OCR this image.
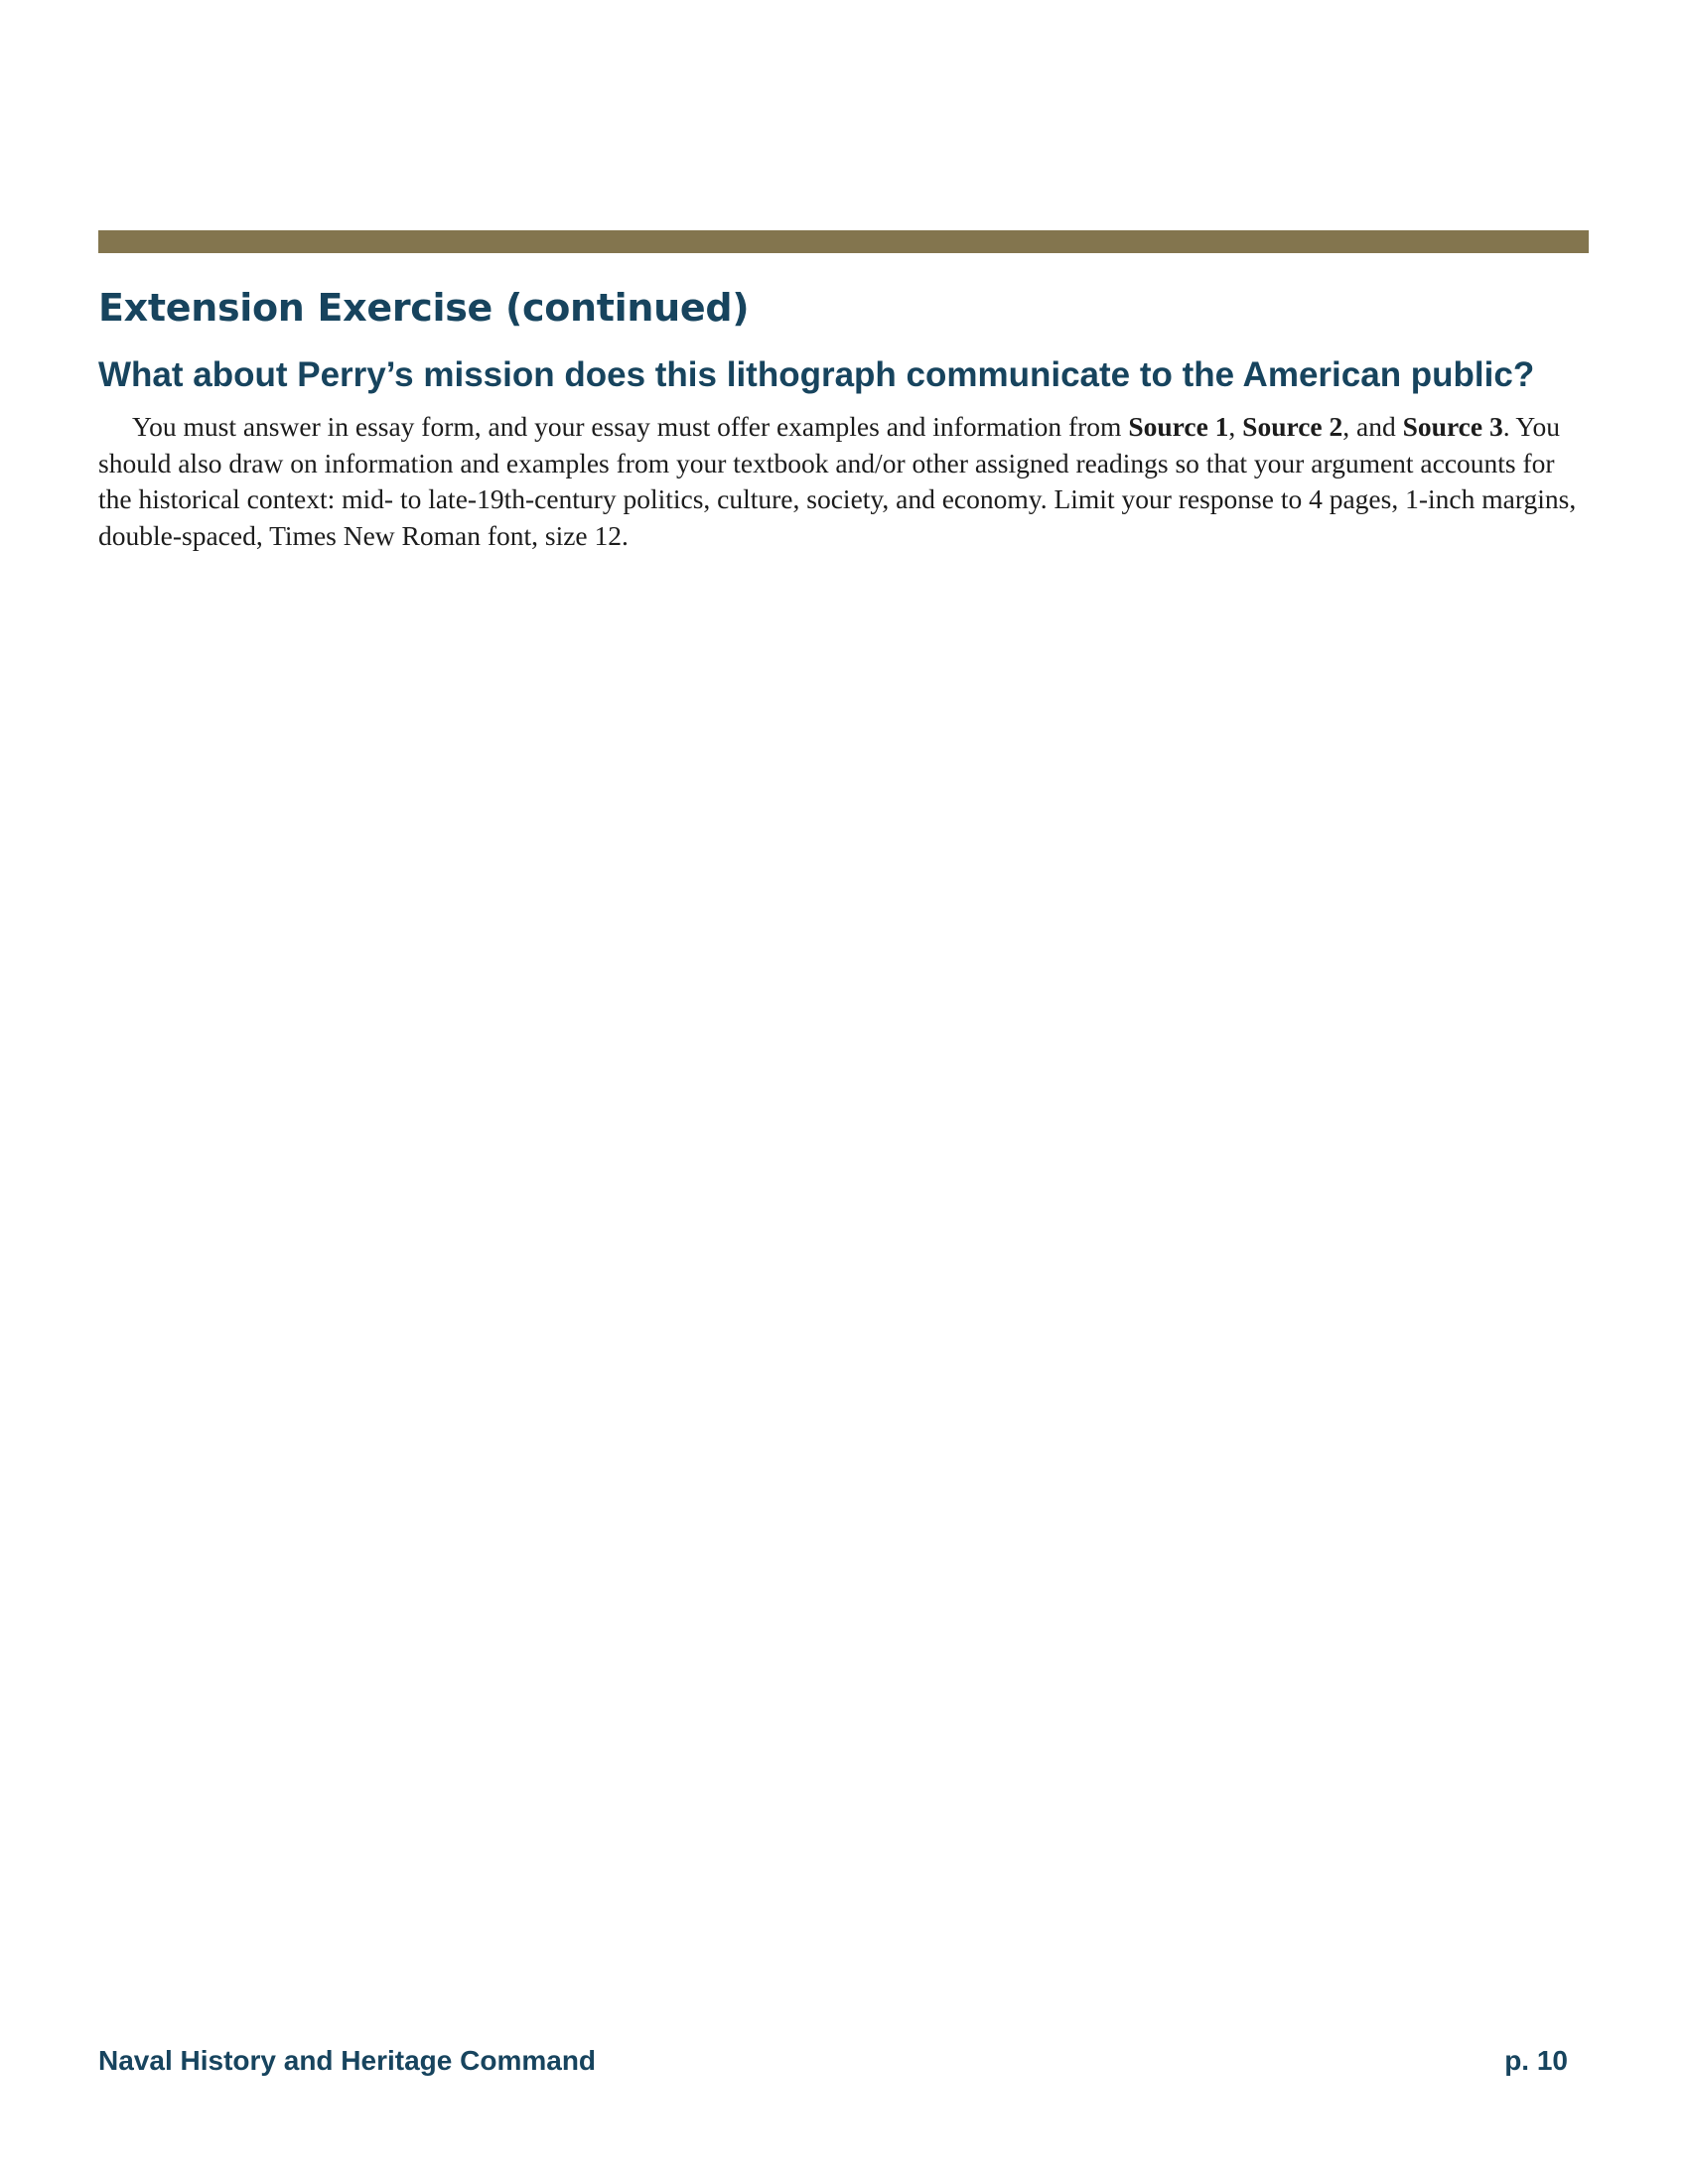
Extension Exercise (continued)
What about Perry’s mission does this lithograph communicate to the American public?

You must answer in essay form, and your essay must offer examples and information from Source 1, Source 2, and Source 3. You should also draw on information and examples from your textbook and/or other assigned readings so that your argument accounts for the historical context: mid- to late-19th-century politics, culture, society, and economy. Limit your response to 4 pages, 1-inch margins, double-spaced, Times New Roman font, size 12.

Naval History and Heritage Command	p. 10
